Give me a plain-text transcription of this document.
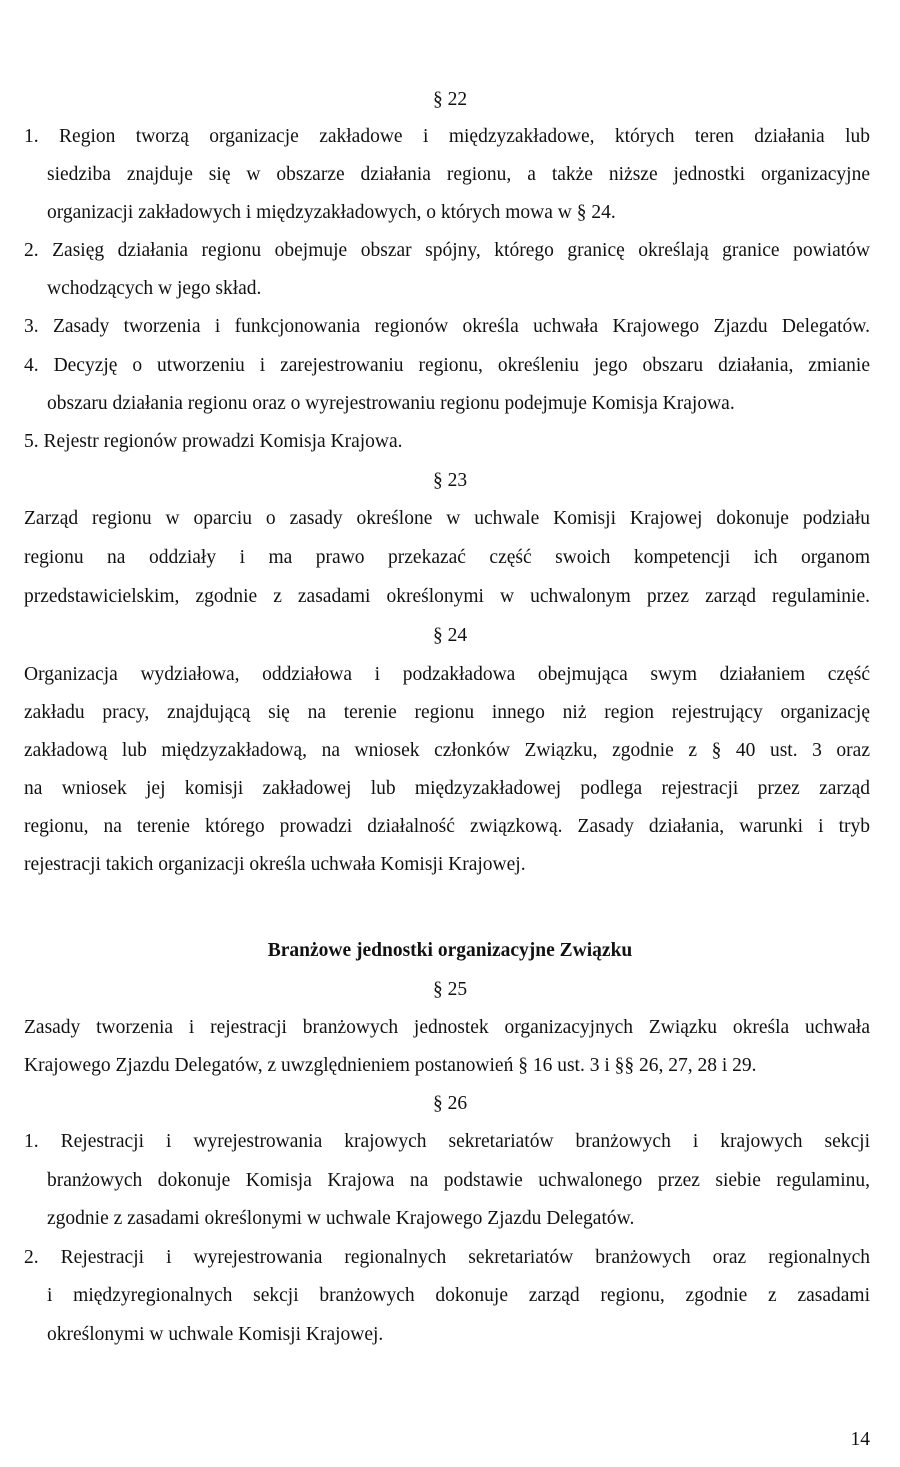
§ 22
1. Region tworzą organizacje zakładowe i międzyzakładowe, których teren działania lub
siedziba znajduje się w obszarze działania regionu, a także niższe jednostki organizacyjne
organizacji zakładowych i międzyzakładowych, o których mowa w § 24.
2. Zasięg działania regionu obejmuje obszar spójny, którego granicę określają granice powiatów
wchodzących w jego skład.
3. Zasady tworzenia i funkcjonowania regionów określa uchwała Krajowego Zjazdu Delegatów.
4. Decyzję o utworzeniu i zarejestrowaniu regionu, określeniu jego obszaru działania, zmianie
obszaru działania regionu oraz o wyrejestrowaniu regionu podejmuje Komisja Krajowa.
5. Rejestr regionów prowadzi Komisja Krajowa.
§ 23
Zarząd regionu w oparciu o zasady określone w uchwale Komisji Krajowej dokonuje podziału
regionu na oddziały i ma prawo przekazać część swoich kompetencji ich organom
przedstawicielskim, zgodnie z zasadami określonymi w uchwalonym przez zarząd regulaminie.
§ 24
Organizacja wydziałowa, oddziałowa i podzakładowa obejmująca swym działaniem część
zakładu pracy, znajdującą się na terenie regionu innego niż region rejestrujący organizację
zakładową lub międzyzakładową, na wniosek członków Związku, zgodnie z § 40 ust. 3 oraz
na wniosek jej komisji zakładowej lub międzyzakładowej podlega rejestracji przez zarząd
regionu, na terenie którego prowadzi działalność związkową. Zasady działania, warunki i tryb
rejestracji takich organizacji określa uchwała Komisji Krajowej.
Branżowe jednostki organizacyjne Związku
§ 25
Zasady tworzenia i rejestracji branżowych jednostek organizacyjnych Związku określa uchwała
Krajowego Zjazdu Delegatów, z uwzględnieniem postanowień § 16 ust. 3 i §§ 26, 27, 28 i 29.
§ 26
1. Rejestracji i wyrejestrowania krajowych sekretariatów branżowych i krajowych sekcji
branżowych dokonuje Komisja Krajowa na podstawie uchwalonego przez siebie regulaminu,
zgodnie z zasadami określonymi w uchwale Krajowego Zjazdu Delegatów.
2. Rejestracji i wyrejestrowania regionalnych sekretariatów branżowych oraz regionalnych
i międzyregionalnych sekcji branżowych dokonuje zarząd regionu, zgodnie z zasadami
określonymi w uchwale Komisji Krajowej.
14
